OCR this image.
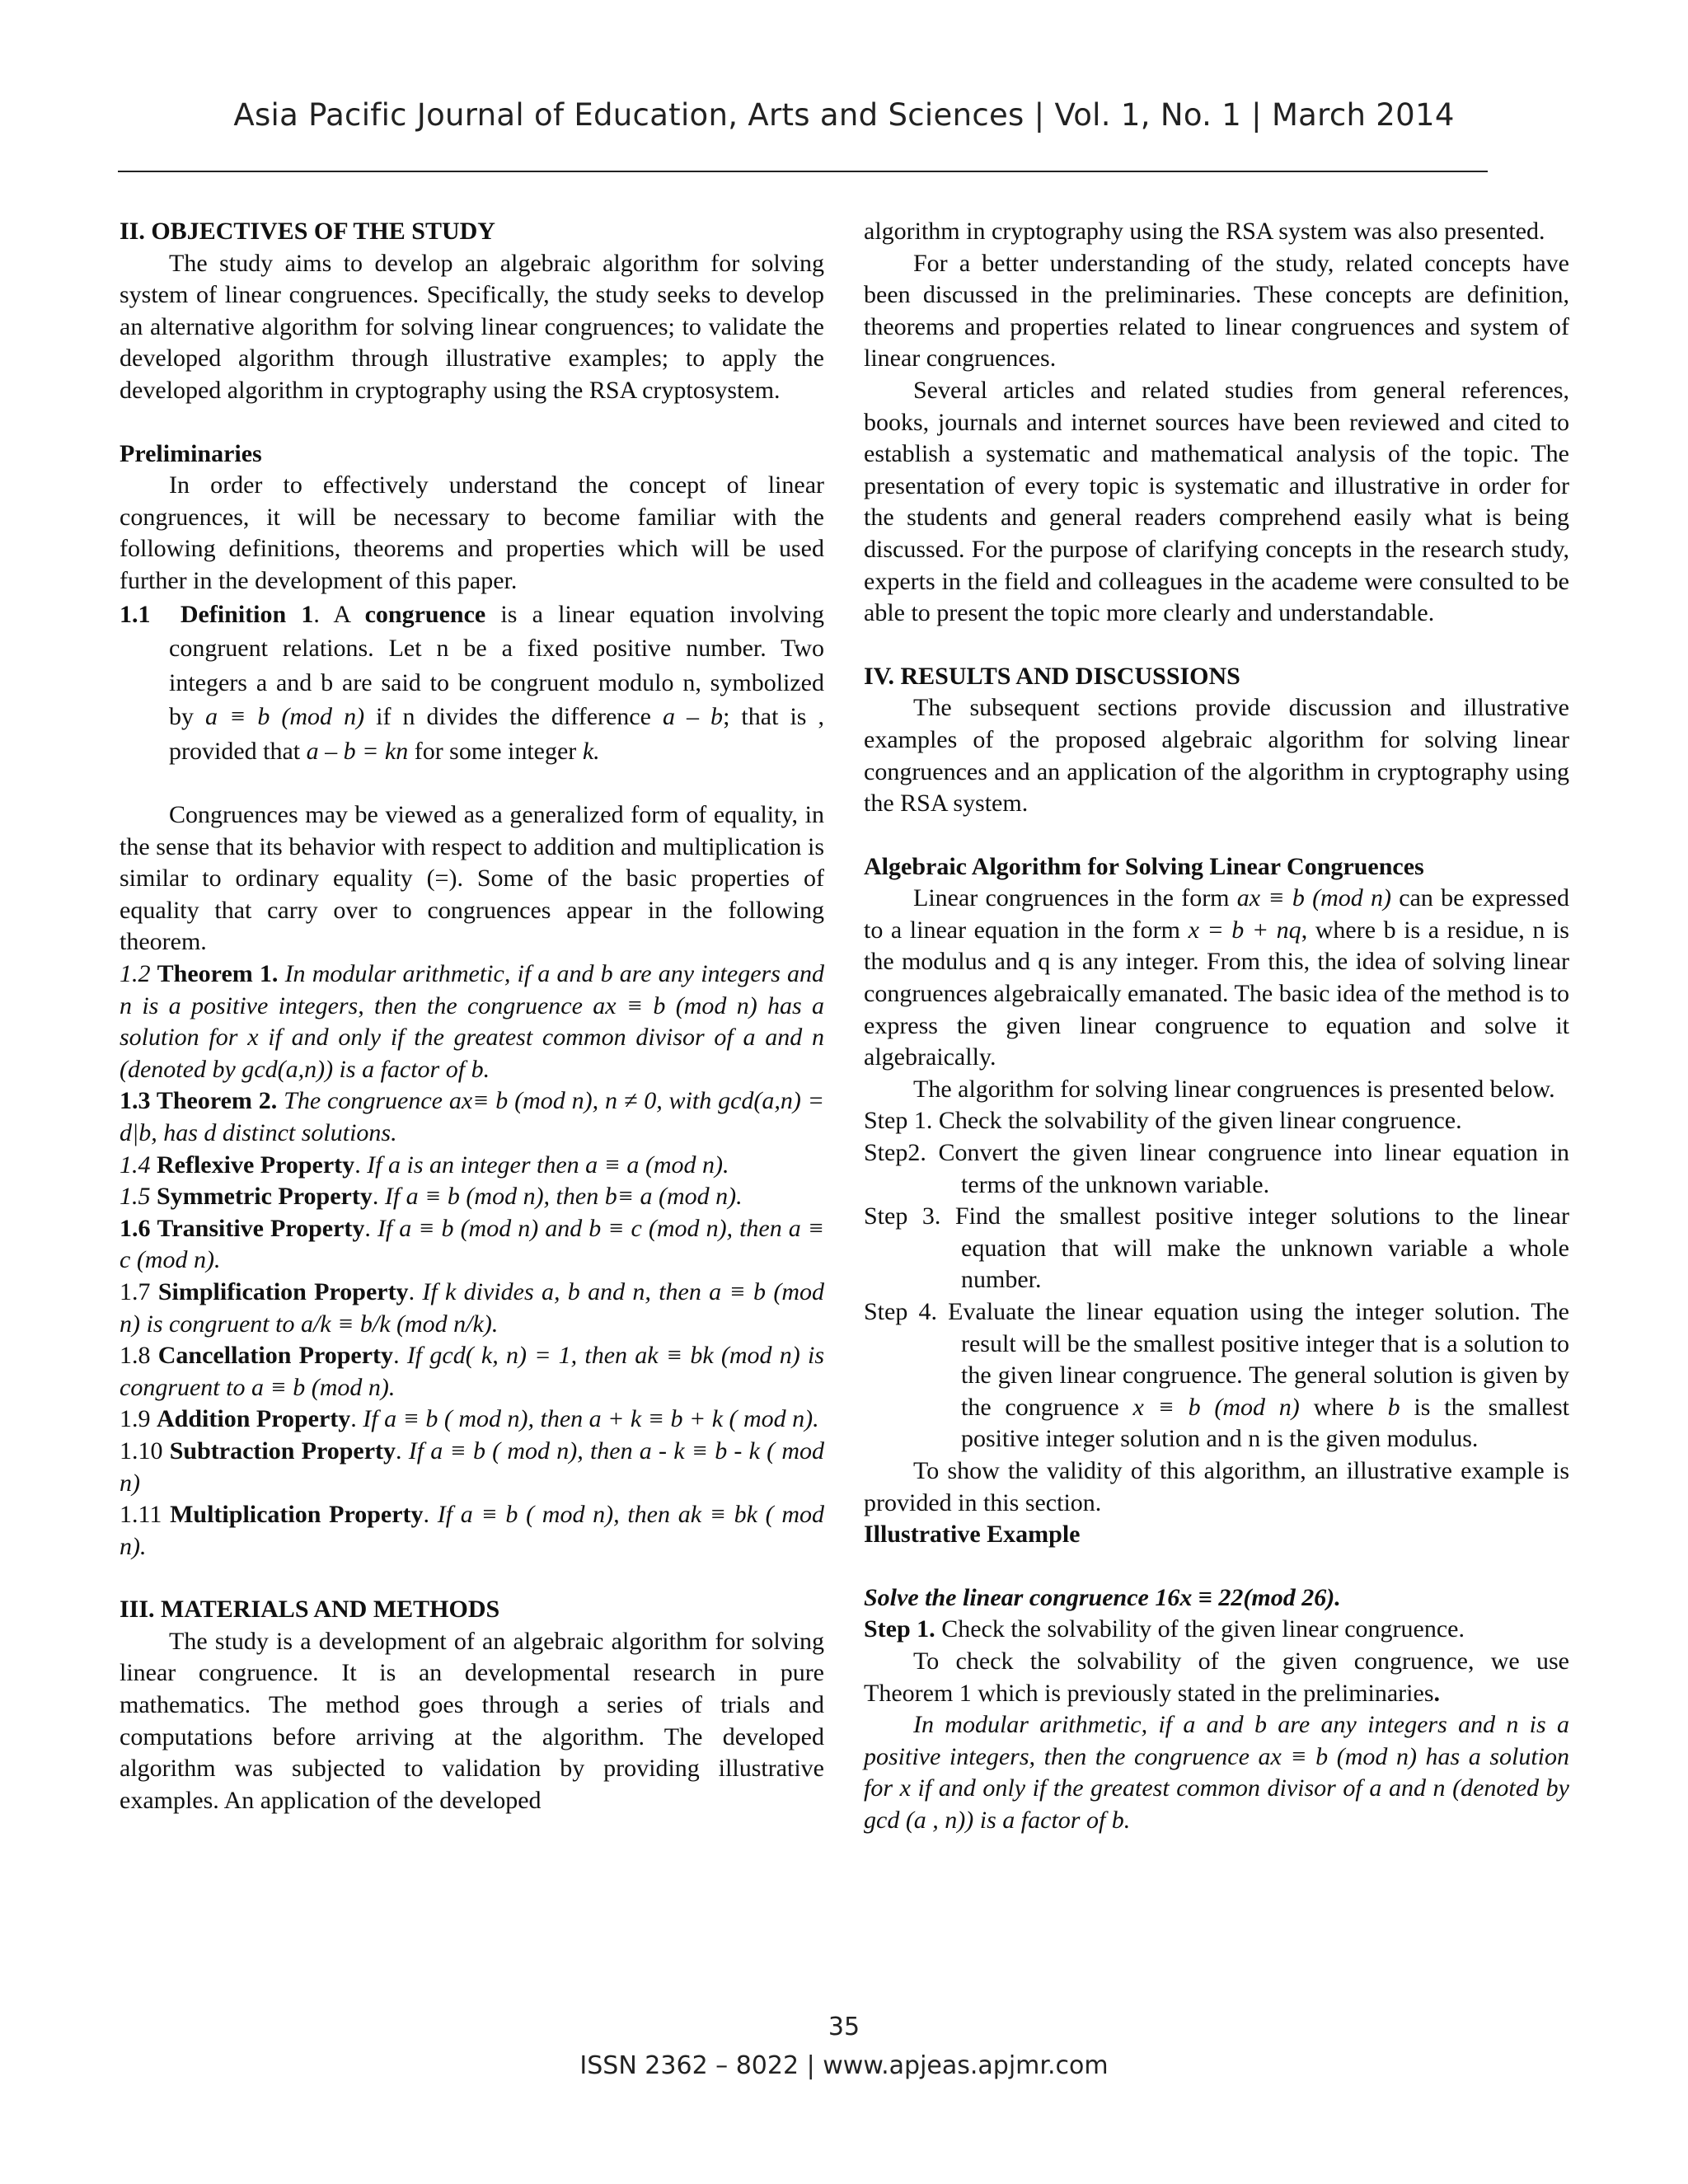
Asia Pacific Journal of Education, Arts and Sciences | Vol. 1, No. 1 | March 2014

II. OBJECTIVES OF THE STUDY

The study aims to develop an algebraic algorithm for solving system of linear congruences. Specifically, the study seeks to develop an alternative algorithm for solving linear congruences; to validate the developed algorithm through illustrative examples; to apply the developed algorithm in cryptography using the RSA cryptosystem.

Preliminaries

In order to effectively understand the concept of linear congruences, it will be necessary to become familiar with the following definitions, theorems and properties which will be used further in the development of this paper.

1.1 Definition 1. A congruence is a linear equation involving congruent relations. Let n be a fixed positive number. Two integers a and b are said to be congruent modulo n, symbolized by a ≡ b (mod n) if n divides the difference a – b; that is , provided that a – b = kn for some integer k.

Congruences may be viewed as a generalized form of equality, in the sense that its behavior with respect to addition and multiplication is similar to ordinary equality (=). Some of the basic properties of equality that carry over to congruences appear in the following theorem.

1.2 Theorem 1. In modular arithmetic, if a and b are any integers and n is a positive integers, then the congruence ax ≡ b (mod n) has a solution for x if and only if the greatest common divisor of a and n (denoted by gcd(a,n)) is a factor of b.

1.3 Theorem 2. The congruence ax≡ b (mod n), n ≠ 0, with gcd(a,n) = d|b, has d distinct solutions.

1.4 Reflexive Property. If a is an integer then a ≡ a (mod n).

1.5 Symmetric Property. If a ≡ b (mod n), then b≡ a (mod n).

1.6 Transitive Property. If a ≡ b (mod n) and b ≡ c (mod n), then a ≡ c (mod n).

1.7 Simplification Property. If k divides a, b and n, then a ≡ b (mod n) is congruent to a/k ≡ b/k (mod n/k).

1.8 Cancellation Property. If gcd( k, n) = 1, then ak ≡ bk (mod n) is congruent to a ≡ b (mod n).

1.9 Addition Property. If a ≡ b ( mod n), then a + k ≡ b + k ( mod n).

1.10 Subtraction Property. If a ≡ b ( mod n), then a - k ≡ b - k ( mod n)

1.11 Multiplication Property. If a ≡ b ( mod n), then ak ≡ bk ( mod n).

III. MATERIALS AND METHODS

The study is a development of an algebraic algorithm for solving linear congruence. It is an developmental research in pure mathematics. The method goes through a series of trials and computations before arriving at the algorithm. The developed algorithm was subjected to validation by providing illustrative examples. An application of the developed

algorithm in cryptography using the RSA system was also presented.

For a better understanding of the study, related concepts have been discussed in the preliminaries. These concepts are definition, theorems and properties related to linear congruences and system of linear congruences.

Several articles and related studies from general references, books, journals and internet sources have been reviewed and cited to establish a systematic and mathematical analysis of the topic. The presentation of every topic is systematic and illustrative in order for the students and general readers comprehend easily what is being discussed. For the purpose of clarifying concepts in the research study, experts in the field and colleagues in the academe were consulted to be able to present the topic more clearly and understandable.

IV. RESULTS AND DISCUSSIONS

The subsequent sections provide discussion and illustrative examples of the proposed algebraic algorithm for solving linear congruences and an application of the algorithm in cryptography using the RSA system.

Algebraic Algorithm for Solving Linear Congruences

Linear congruences in the form ax ≡ b (mod n) can be expressed to a linear equation in the form x = b + nq, where b is a residue, n is the modulus and q is any integer. From this, the idea of solving linear congruences algebraically emanated. The basic idea of the method is to express the given linear congruence to equation and solve it algebraically.

The algorithm for solving linear congruences is presented below.

Step 1. Check the solvability of the given linear congruence.

Step2. Convert the given linear congruence into linear equation in terms of the unknown variable.

Step 3. Find the smallest positive integer solutions to the linear equation that will make the unknown variable a whole number.

Step 4. Evaluate the linear equation using the integer solution. The result will be the smallest positive integer that is a solution to the given linear congruence. The general solution is given by the congruence x ≡ b (mod n) where b is the smallest positive integer solution and n is the given modulus.

To show the validity of this algorithm, an illustrative example is provided in this section.

Illustrative Example

Solve the linear congruence 16x ≡ 22(mod 26).

Step 1. Check the solvability of the given linear congruence.

To check the solvability of the given congruence, we use Theorem 1 which is previously stated in the preliminaries.

In modular arithmetic, if a and b are any integers and n is a positive integers, then the congruence ax ≡ b (mod n) has a solution for x if and only if the greatest common divisor of a and n (denoted by gcd (a , n)) is a factor of b.

35
ISSN 2362 – 8022 | www.apjeas.apjmr.com
